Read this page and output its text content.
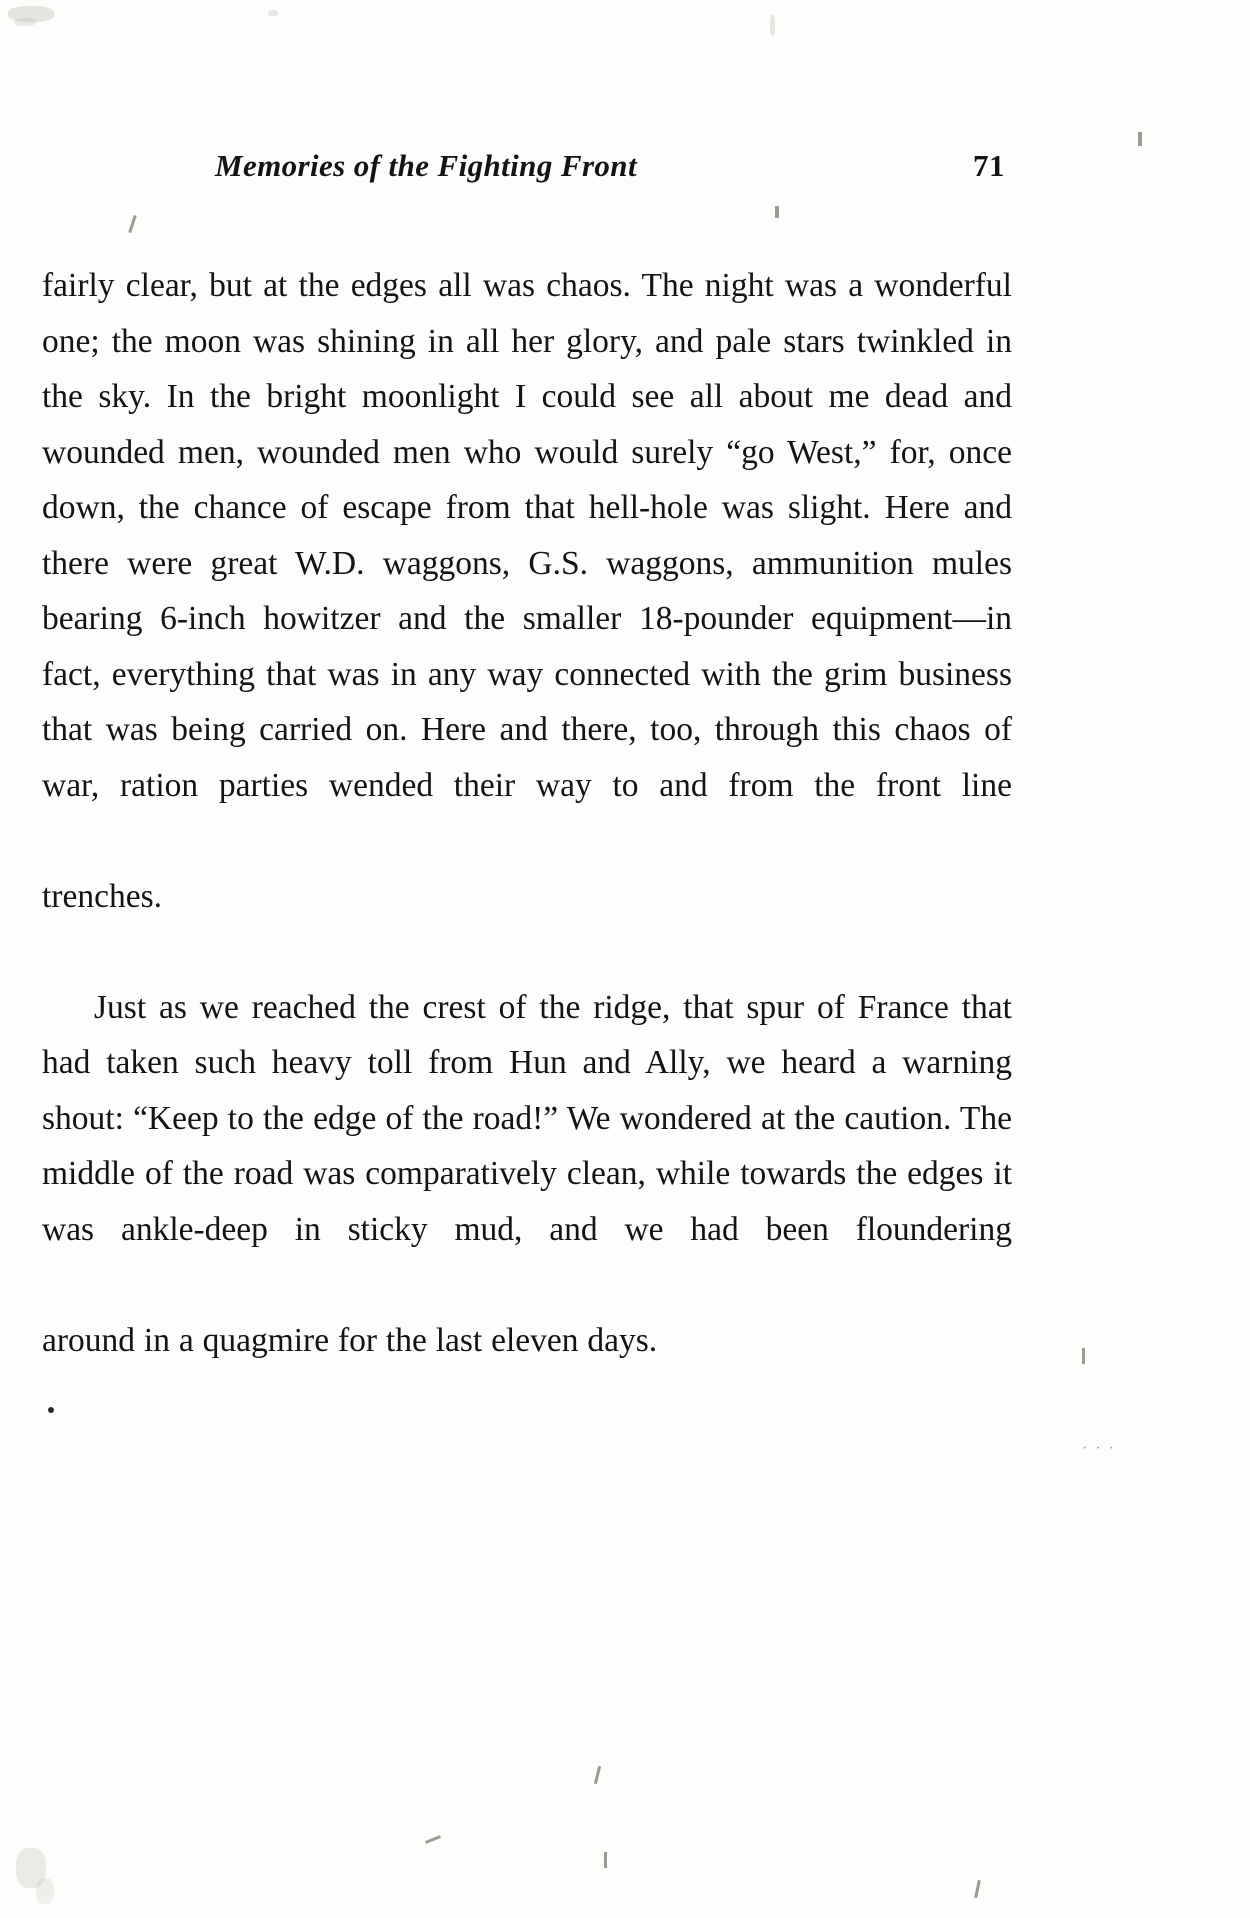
· · ·
Memories of the Fighting Front	71

fairly clear, but at the edges all was chaos. The night was a wonderful one; the moon was shining in all her glory, and pale stars twinkled in the sky. In the bright moonlight I could see all about me dead and wounded men, wounded men who would surely “go West,” for, once down, the chance of escape from that hell-hole was slight. Here and there were great W.D. waggons, G.S. waggons, ammunition mules bearing 6-inch howitzer and the smaller 18-pounder equipment—in fact, everything that was in any way connected with the grim business that was being carried on. Here and there, too, through this chaos of war, ration parties wended their way to and from the front line

trenches.

Just as we reached the crest of the ridge, that spur of France that had taken such heavy toll from Hun and Ally, we heard a warning shout: “Keep to the edge of the road!” We wondered at the caution. The middle of the road was comparatively clean, while towards the edges it was ankle-deep in sticky mud, and we had been floundering

around in a quagmire for the last eleven days.
